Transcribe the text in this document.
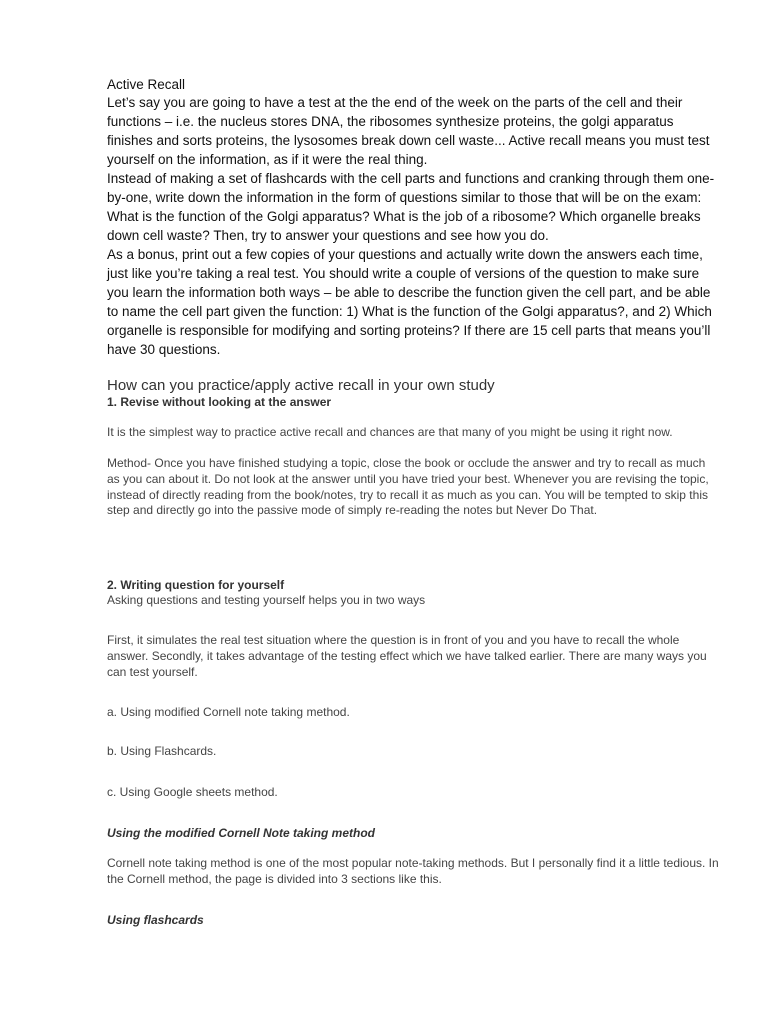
Active Recall

Let’s say you are going to have a test at the the end of the week on the parts of the cell and their functions – i.e. the nucleus stores DNA, the ribosomes synthesize proteins, the golgi apparatus finishes and sorts proteins, the lysosomes break down cell waste... Active recall means you must test yourself on the information, as if it were the real thing.

Instead of making a set of flashcards with the cell parts and functions and cranking through them one-by-one, write down the information in the form of questions similar to those that will be on the exam: What is the function of the Golgi apparatus? What is the job of a ribosome? Which organelle breaks down cell waste? Then, try to answer your questions and see how you do.

As a bonus, print out a few copies of your questions and actually write down the answers each time, just like you’re taking a real test. You should write a couple of versions of the question to make sure you learn the information both ways – be able to describe the function given the cell part, and be able to name the cell part given the function: 1) What is the function of the Golgi apparatus?, and 2) Which organelle is responsible for modifying and sorting proteins? If there are 15 cell parts that means you’ll have 30 questions.

How can you practice/apply active recall in your own study

1. Revise without looking at the answer

It is the simplest way to practice active recall and chances are that many of you might be using it right now.

Method- Once you have finished studying a topic, close the book or occlude the answer and try to recall as much as you can about it. Do not look at the answer until you have tried your best. Whenever you are revising the topic, instead of directly reading from the book/notes, try to recall it as much as you can. You will be tempted to skip this step and directly go into the passive mode of simply re-reading the notes but Never Do That.

2. Writing question for yourself

Asking questions and testing yourself helps you in two ways

First, it simulates the real test situation where the question is in front of you and you have to recall the whole answer. Secondly, it takes advantage of the testing effect which we have talked earlier. There are many ways you can test yourself.

a. Using modified Cornell note taking method.

b. Using Flashcards.

c. Using Google sheets method.

Using the modified Cornell Note taking method

Cornell note taking method is one of the most popular note-taking methods. But I personally find it a little tedious. In the Cornell method, the page is divided into 3 sections like this.

Using flashcards
